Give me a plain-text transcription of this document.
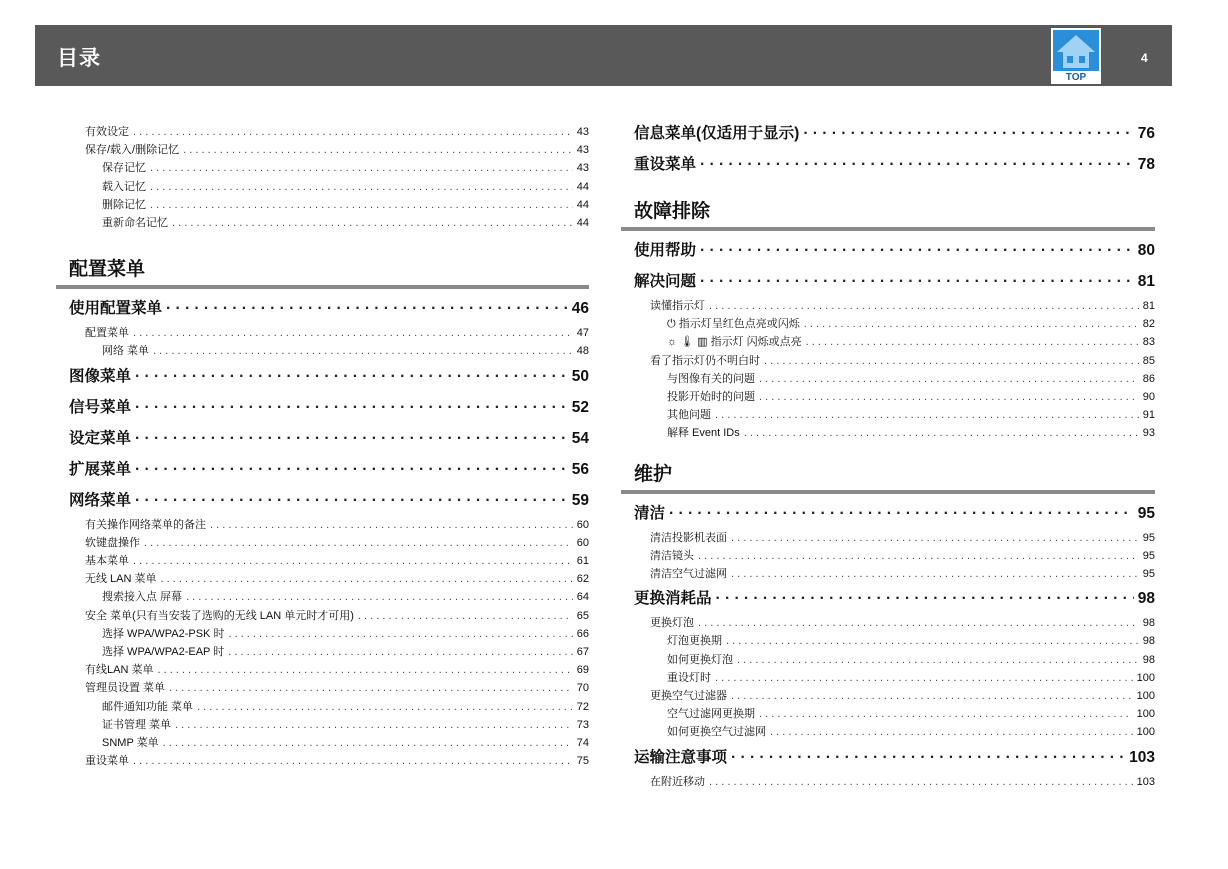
目录
TOP
4
有效设定 . . .	43
保存/载入/删除记忆 . . .	43
保存记忆 . . .	43
载入记忆 . . .	44
删除记忆 . . .	44
重新命名记忆 . . .	44
配置菜单
使用配置菜单 · · ·	46
配置菜单 . . .	47
网络 菜单 . . .	48
图像菜单 · · ·	50
信号菜单 · · ·	52
设定菜单 · · ·	54
扩展菜单 · · ·	56
网络菜单 · · ·	59
有关操作网络菜单的备注 . . .	60
软键盘操作 . . .	60
基本菜单 . . .	61
无线 LAN 菜单 . . .	62
搜索接入点 屏幕 . . .	64
安全 菜单(只有当安装了选购的无线 LAN 单元时才可用) . . .	65
选择 WPA/WPA2-PSK 时 . . .	66
选择 WPA/WPA2-EAP 时 . . .	67
有线LAN 菜单 . . .	69
管理员设置 菜单 . . .	70
邮件通知功能 菜单 . . .	72
证书管理 菜单 . . .	73
SNMP 菜单 . . .	74
重设菜单 . . .	75
信息菜单(仅适用于显示) · · ·	76
重设菜单 · · ·	78
故障排除
使用帮助 · · ·	80
解决问题 · · ·	81
读懂指示灯 . . .	81
⏻ 指示灯呈红色点亮或闪烁 . . .	82
☼ 🌡 ▥ 指示灯 闪烁或点亮 . . .	83
看了指示灯仍不明白时 . . .	85
与图像有关的问题 . . .	86
投影开始时的问题 . . .	90
其他问题 . . .	91
解释 Event IDs . . .	93
维护
清洁 · · ·	95
清洁投影机表面 . . .	95
清洁镜头 . . .	95
清洁空气过滤网 . . .	95
更换消耗品 · · ·	98
更换灯泡 . . .	98
灯泡更换期 . . .	98
如何更换灯泡 . . .	98
重设灯时 . . .	100
更换空气过滤器 . . .	100
空气过滤网更换期 . . .	100
如何更换空气过滤网 . . .	100
运输注意事项 · · ·	103
在附近移动 . . .	103
